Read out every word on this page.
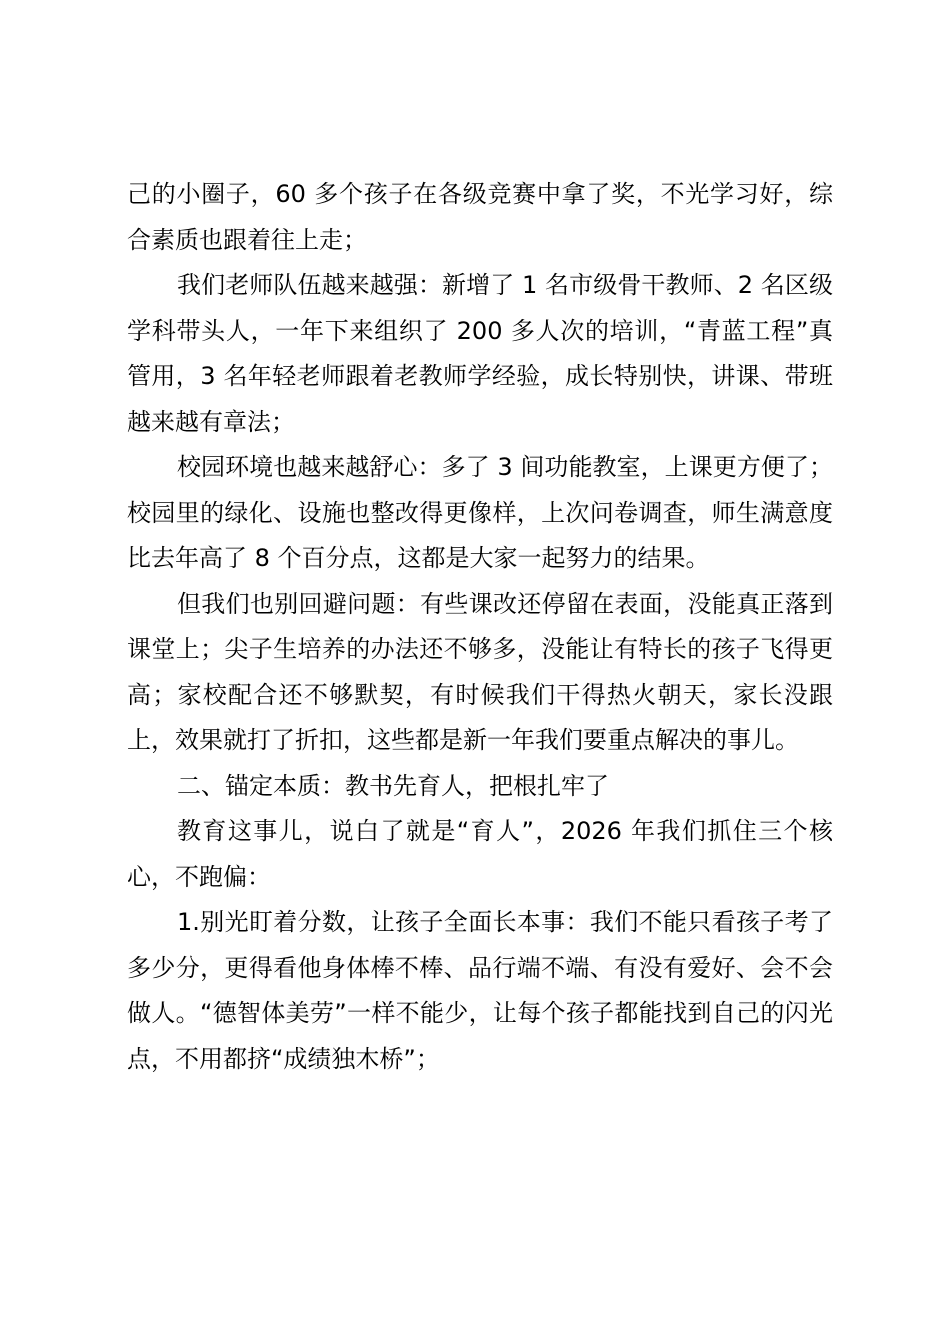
己的小圈子，60 多个孩子在各级竞赛中拿了奖，不光学习好，综合素质也跟着往上走；

我们老师队伍越来越强：新增了 1 名市级骨干教师、2 名区级学科带头人，一年下来组织了 200 多人次的培训，“青蓝工程”真管用，3 名年轻老师跟着老教师学经验，成长特别快，讲课、带班越来越有章法；

校园环境也越来越舒心：多了 3 间功能教室，上课更方便了；校园里的绿化、设施也整改得更像样，上次问卷调查，师生满意度比去年高了 8 个百分点，这都是大家一起努力的结果。

但我们也别回避问题：有些课改还停留在表面，没能真正落到课堂上；尖子生培养的办法还不够多，没能让有特长的孩子飞得更高；家校配合还不够默契，有时候我们干得热火朝天，家长没跟上，效果就打了折扣，这些都是新一年我们要重点解决的事儿。

二、锚定本质：教书先育人，把根扎牢了

教育这事儿，说白了就是“育人”，2026 年我们抓住三个核心，不跑偏：

1.别光盯着分数，让孩子全面长本事：我们不能只看孩子考了多少分，更得看他身体棒不棒、品行端不端、有没有爱好、会不会做人。“德智体美劳”一样不能少，让每个孩子都能找到自己的闪光点，不用都挤“成绩独木桥”；
